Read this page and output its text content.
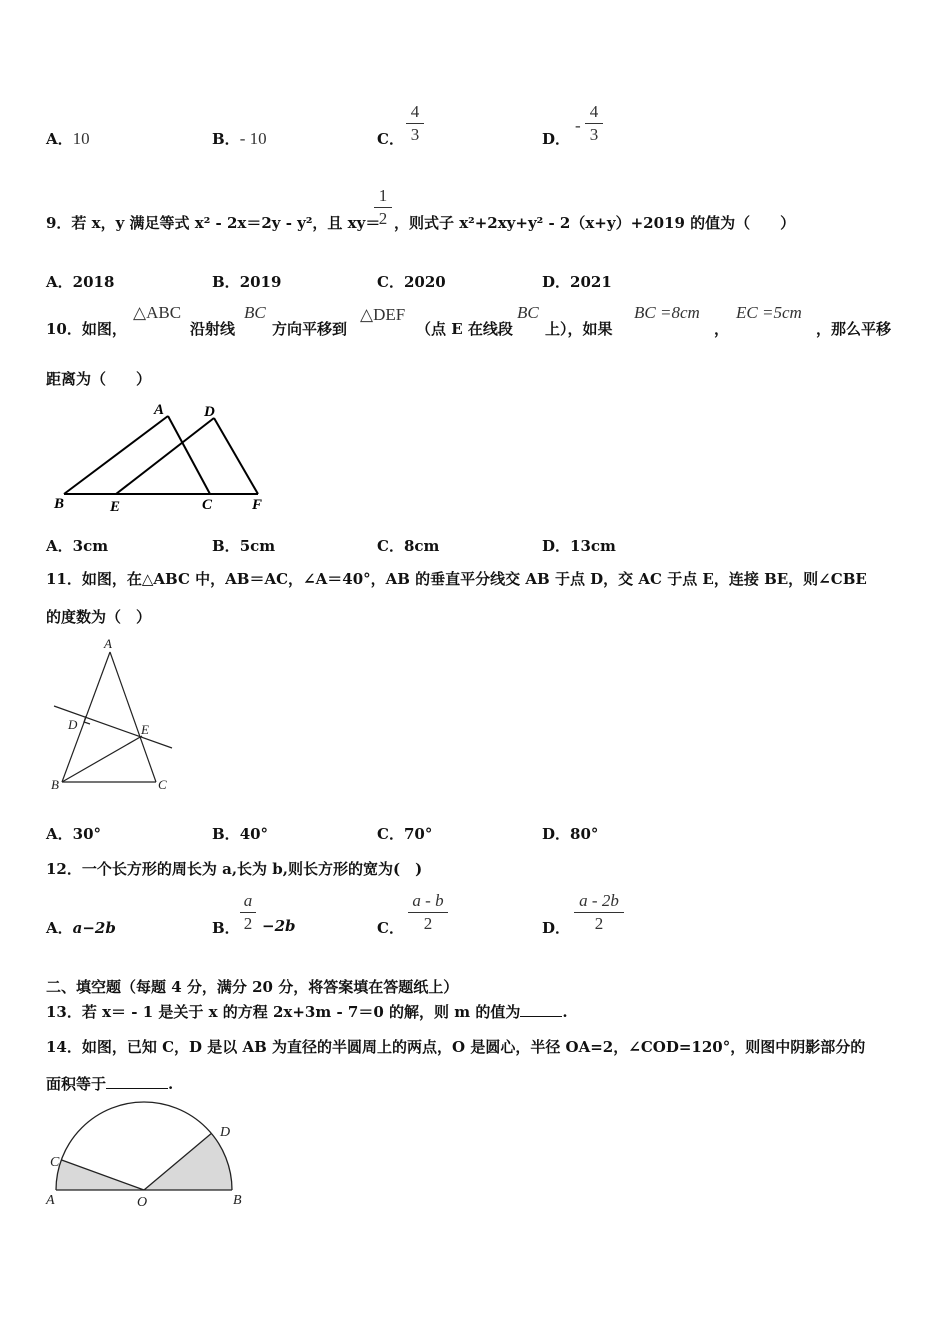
A．10	B．- 10	C．
4
3	D．
-
4
3
9．若 x，y 满足等式 x² - 2x＝2y - y²，且 xy＝
1
2 ，则式子 x²+2xy+y² - 2（x+y）+2019 的值为（　　）
A．2018	B．2019	C．2020	D．2021
10．如图，
△ABC
沿射线
BC
方向平移到
△DEF
（点 E 在线段
BC
上），如果
BC =8cm
，
EC =5cm
，那么平移
距离为（　　）
A	D
B	E	C	F
A．3cm	B．5cm	C．8cm	D．13cm
11．如图，在△ABC 中，AB＝AC，∠A＝40°，AB 的垂直平分线交 AB 于点 D，交 AC 于点 E，连接 BE，则∠CBE
的度数为（　）
A
D	E
B	C
A．30°	B．40°	C．70°	D．80°
12．一个长方形的周长为 a,长为 b,则长方形的宽为(　)
A．a−2b	B．
a
2 −2b	C．
a - b
2	D．
a - 2b
2
二、填空题（每题 4 分，满分 20 分，将答案填在答题纸上）
13．若 x＝ - 1 是关于 x 的方程 2x+3m - 7＝0 的解，则 m 的值为	.
14．如图，已知 C，D 是以 AB 为直径的半圆周上的两点，O 是圆心，半径 OA=2，∠COD=120°，则图中阴影部分的
面积等于	.
C
D
A	O	B
